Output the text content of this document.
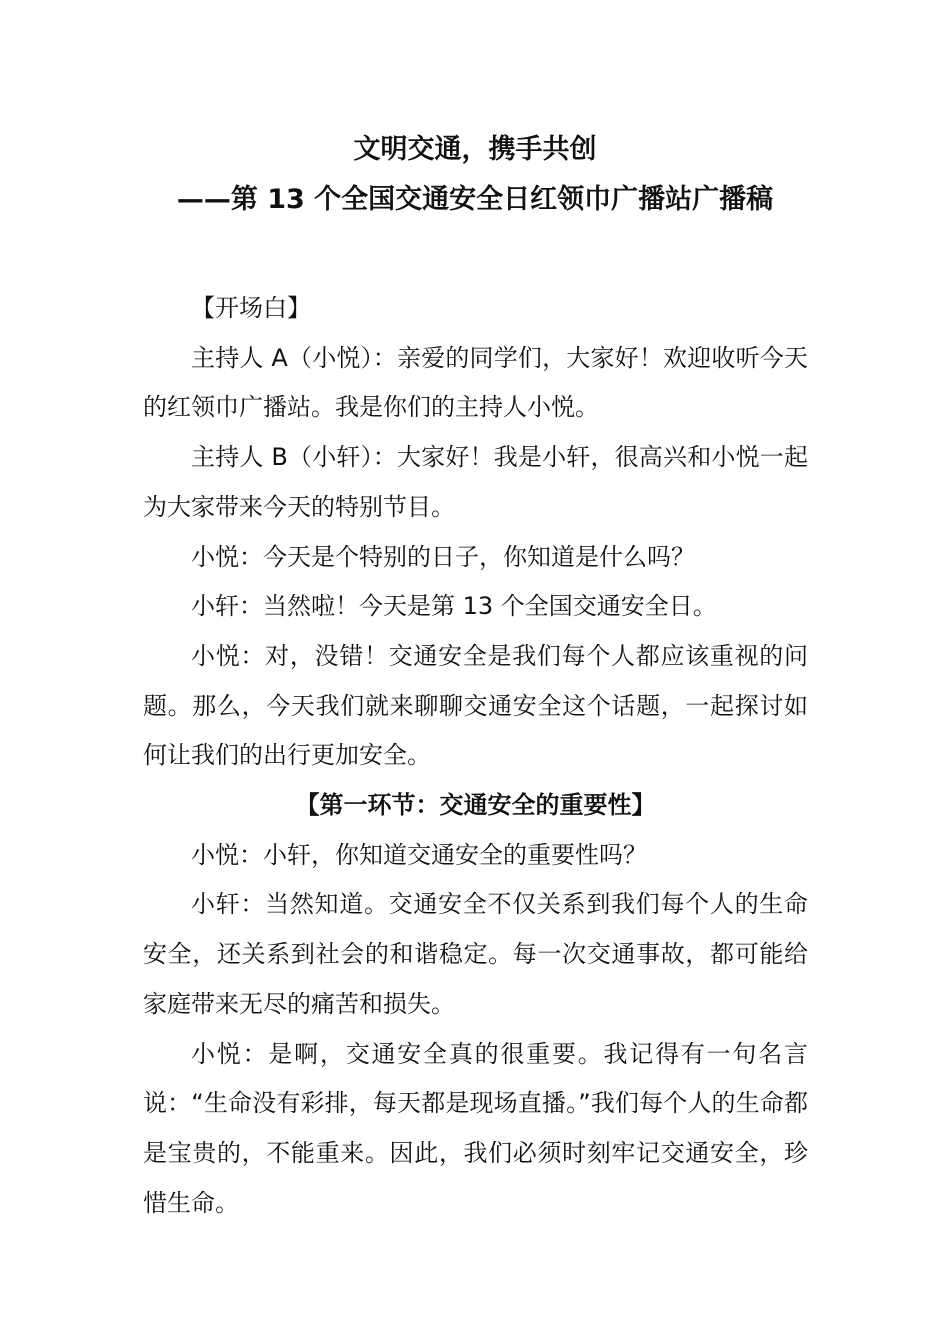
文明交通，携手共创
——第 13 个全国交通安全日红领巾广播站广播稿

【开场白】

主持人 A（小悦）：亲爱的同学们，大家好！欢迎收听今天的红领巾广播站。我是你们的主持人小悦。

主持人 B（小轩）：大家好！我是小轩，很高兴和小悦一起为大家带来今天的特别节目。

小悦：今天是个特别的日子，你知道是什么吗？

小轩：当然啦！今天是第 13 个全国交通安全日。

小悦：对，没错！交通安全是我们每个人都应该重视的问题。那么，今天我们就来聊聊交通安全这个话题，一起探讨如何让我们的出行更加安全。

【第一环节：交通安全的重要性】

小悦：小轩，你知道交通安全的重要性吗？

小轩：当然知道。交通安全不仅关系到我们每个人的生命安全，还关系到社会的和谐稳定。每一次交通事故，都可能给家庭带来无尽的痛苦和损失。

小悦：是啊，交通安全真的很重要。我记得有一句名言说：“生命没有彩排，每天都是现场直播。”我们每个人的生命都是宝贵的，不能重来。因此，我们必须时刻牢记交通安全，珍惜生命。
